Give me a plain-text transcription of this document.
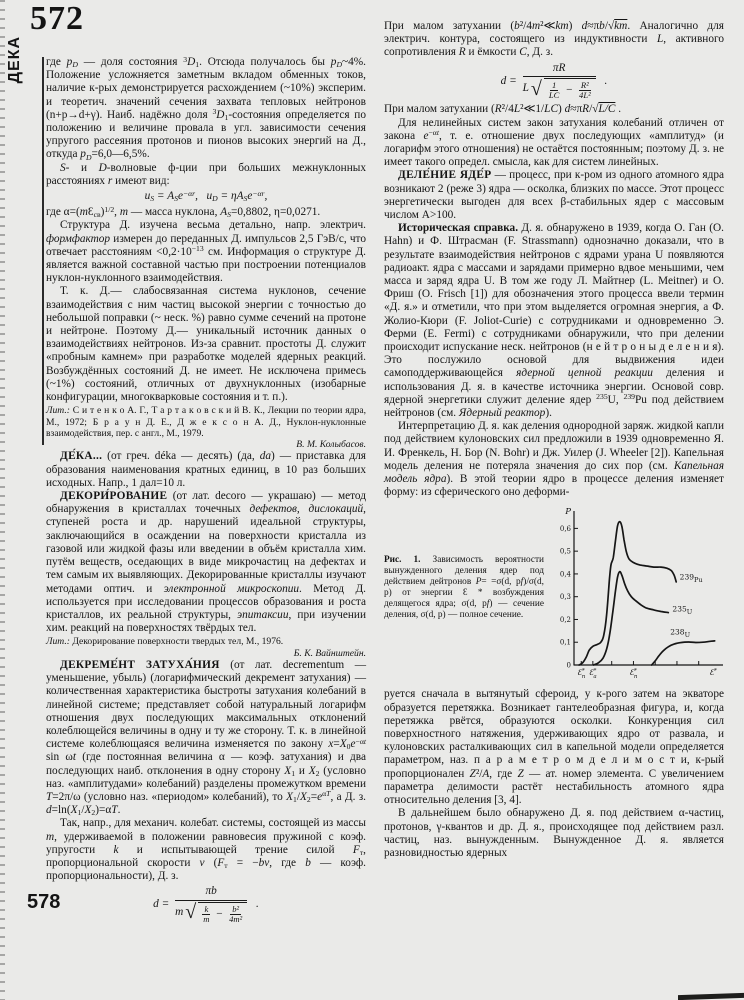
572
ДЕКА
578

где $p_D$ — доля состояния $^3D_1$. Отсюда получалось бы $p_D\sim 4\%$. Положение усложняется заметным вкладом обменных токов, наличие к-рых демонстрируется расхождением (~10%) эксперим. и теоретич. значений сечения захвата тепловых нейтронов (n+p→d+γ). Наиб. надёжно доля $^3D_1$-состояния определяется по положению и величине провала в угл. зависимости сечения упругого рассеяния протонов и пионов высоких энергий на Д., откуда $p_D=6,0—6,5\%$.

S- и D-волновые ф-ции при больших межнуклонных расстояниях r имеют вид:

$u_S = A_Se^{-\alpha r}$,   $u_D = \eta A_Se^{-\alpha r}$,

где $\alpha=(mƐ_{св})^{1/2}$, m — масса нуклона, $A_S=0,8802$, η=0,0271.

Структура Д. изучена весьма детально, напр. электрич. формфактор измерен до переданных Д. импульсов 2,5 ГэВ/c, что отвечает расстояниям $<0,2\cdot 10^{-13}$ см. Информация о структуре Д. является важной составной частью при построении потенциалов нуклон-нуклонного взаимодействия.

Т. к. Д.— слабосвязанная система нуклонов, сечение взаимодействия с ним частиц высокой энергии с точностью до небольшой поправки (~ неск. %) равно сумме сечений на протоне и нейтроне. Поэтому Д.— уникальный источник данных о взаимодействиях нейтронов. Из-за сравнит. простоты Д. служит «пробным камнем» при разработке моделей ядерных реакций. Возбуждённых состояний Д. не имеет. Не исключена примесь (~1%) состояний, отличных от двухнуклонных (изобарные конфигурации, многокварковые состояния и т. п.).

Лит.: С и т е н к о А. Г., Т а р т а к о в с к и й В. К., Лекции по теории ядра, М., 1972; Б р а у н Д. Е., Д ж е к с о н А. Д., Нуклон-нуклонные взаимодействия, пер. с англ., М., 1979.

В. М. Колыбасов.

ДЕ́КА... (от греч. déka — десять) (да, da) — приставка для образования наименования кратных единиц, в 10 раз больших исходных. Напр., 1 дал=10 л.

ДЕКОРИ́РОВАНИЕ (от лат. decoro — украшаю) — метод обнаружения в кристаллах точечных дефектов, дислокаций, ступеней роста и др. нарушений идеальной структуры, заключающийся в осаждении на поверхности кристалла из газовой или жидкой фазы или введении в объём кристалла хим. путём веществ, оседающих в виде микрочастиц на дефектах и тем самым их выявляющих. Декорированные кристаллы изучают методами оптич. и электронной микроскопии. Метод Д. используется при исследовании процессов образования и роста кристаллов, их реальной структуры, эпитаксии, при изучении хим. реакций на поверхностях твёрдых тел.

Лит.: Декорирование поверхности твердых тел, М., 1976.

Б. К. Вайнштейн.

ДЕКРЕМЕ́НТ ЗАТУХА́НИЯ (от лат. decrementum — уменьшение, убыль) (логарифмический декремент затухания) — количественная характеристика быстроты затухания колебаний в линейной системе; представляет собой натуральный логарифм отношения двух последующих максимальных отклонений колеблющейся величины в одну и ту же сторону. Т. к. в линейной системе колеблющаяся величина изменяется по закону $x=X_0e^{-\alpha t}$ sin ωt (где постоянная величина α — коэф. затухания) и два последующих наиб. отклонения в одну сторону $X_1$ и $X_2$ (условно наз. «амплитудами» колебаний) разделены промежутком времени T=2π/ω (условно наз. «периодом» колебаний), то $X_1/X_2=e^{\alpha T}$, а Д. з. $d=\ln(X_1/X_2)=\alpha T$.

Так, напр., для механич. колебат. системы, состоящей из массы m, удерживаемой в положении равновесия пружиной с коэф. упругости k и испытывающей трение силой $F_т$, пропорциональной скорости v ($F_т = -bv$, где b — коэф. пропорциональности), Д. з.

d =
πb
m √ $\frac{k}{m} - \frac{\text{b²}}{\text{4m²}}$
.

При малом затухании (b²/4m²≪km) d≈πb/√km. Аналогично для электрич. контура, состоящего из индуктивности L, активного сопротивления R и ёмкости C, Д. з.

d =
πR
L √ $\frac{1}{LC} - \frac{\text{R²}}{\text{4L²}}$
.

При малом затухании (R²/4L²≪1/LC) d≈πR/√L/C .

Для нелинейных систем закон затухания колебаний отличен от закона $e^{-\alpha t}$, т. е. отношение двух последующих «амплитуд» (и логарифм этого отношения) не остаётся постоянным; поэтому Д. з. не имеет такого определ. смысла, как для систем линейных.

ДЕЛЕ́НИЕ ЯДЕ́Р — процесс, при к-ром из одного атомного ядра возникают 2 (реже 3) ядра — осколка, близких по массе. Этот процесс энергетически выгоден для всех β-стабильных ядер с массовым числом A>100.

Историческая справка. Д. я. обнаружено в 1939, когда О. Ган (O. Hahn) и Ф. Штрасман (F. Strassmann) однозначно доказали, что в результате взаимодействия нейтронов с ядрами урана U появляются радиоакт. ядра с массами и зарядами примерно вдвое меньшими, чем масса и заряд ядра U. В том же году Л. Майтнер (L. Meitner) и О. Фриш (O. Frisch [1]) для обозначения этого процесса ввели термин «Д. я.» и отметили, что при этом выделяется огромная энергия, а Ф. Жолио-Кюри (F. Joliot-Curie) с сотрудниками и одновременно Э. Ферми (E. Fermi) с сотрудниками обнаружили, что при делении происходит испускание неск. нейтронов (н е й т р о н ы д е л е н и я). Это послужило основой для выдвижения идеи самоподдерживающейся ядерной цепной реакции деления и использования Д. я. в качестве источника энергии. Основой совр. ядерной энергетики служит деление ядер $^{235}$U, $^{239}$Pu под действием нейтронов (см. Ядерный реактор).

Интерпретацию Д. я. как деления однородной заряж. жидкой капли под действием кулоновских сил предложили в 1939 одновременно Я. И. Френкель, Н. Бор (N. Bohr) и Дж. Уилер (J. Wheeler [2]). Капельная модель деления не потеряла значения до сих пор (см. Капельная модель ядра). В этой теории ядро в процессе деления изменяет форму: из сферического оно деформи-

Рис. 1. Зависимость вероятности вынужденного деления ядер под действием дейтронов P= =σ(d, pf)/σ(d, p) от энергии Ɛ * возбуждения делящегося ядра; σ(d, pf) — сечение деления, σ(d, p) — полное сечение.
0,1
0,2
0,3
0,4
0,5
0,6
0
P
Ɛ* п Ɛ* а	Ɛ* п	Ɛ*
239Pu
235U
238U

руется сначала в вытянутый сфероид, у к-рого затем на экваторе образуется перетяжка. Возникает гантелеобразная фигура, и, когда перетяжка рвётся, образуются осколки. Конкуренция сил поверхностного натяжения, удерживающих ядро от развала, и кулоновских расталкивающих сил в капельной модели определяется параметром, наз. п а р а м е т р о м д е л и м о с т и, к-рый пропорционален Z²/A, где Z — ат. номер элемента. С увеличением параметра делимости растёт нестабильность атомного ядра относительно деления [3, 4].

В дальнейшем было обнаружено Д. я. под действием α-частиц, протонов, γ-квантов и др. Д. я., происходящее под действием разл. частиц, наз. вынужденным. Вынужденное Д. я. является разновидностью ядерных
